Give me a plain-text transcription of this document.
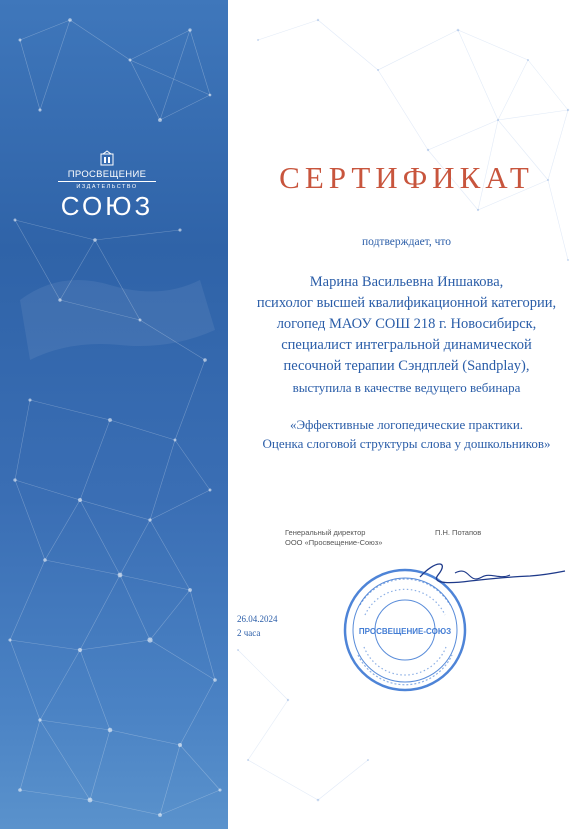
ПРОСВЕЩЕНИЕ
ИЗДАТЕЛЬСТВО
СОЮЗ
СЕРТИФИКАТ
подтверждает, что
Марина Васильевна Иншакова,
психолог высшей квалификационной категории,
логопед МАОУ СОШ 218 г. Новосибирск,
специалист интегральной динамической
песочной терапии Сэндплей (Sandplay),
выступила в качестве ведущего вебинара
«Эффективные логопедические практики.
Оценка слоговой структуры слова у дошкольников»
Генеральный директор
ООО «Просвещение-Союз»
П.Н. Потапов
ПРОСВЕЩЕНИЕ-СОЮЗ
26.04.2024
2 часа
